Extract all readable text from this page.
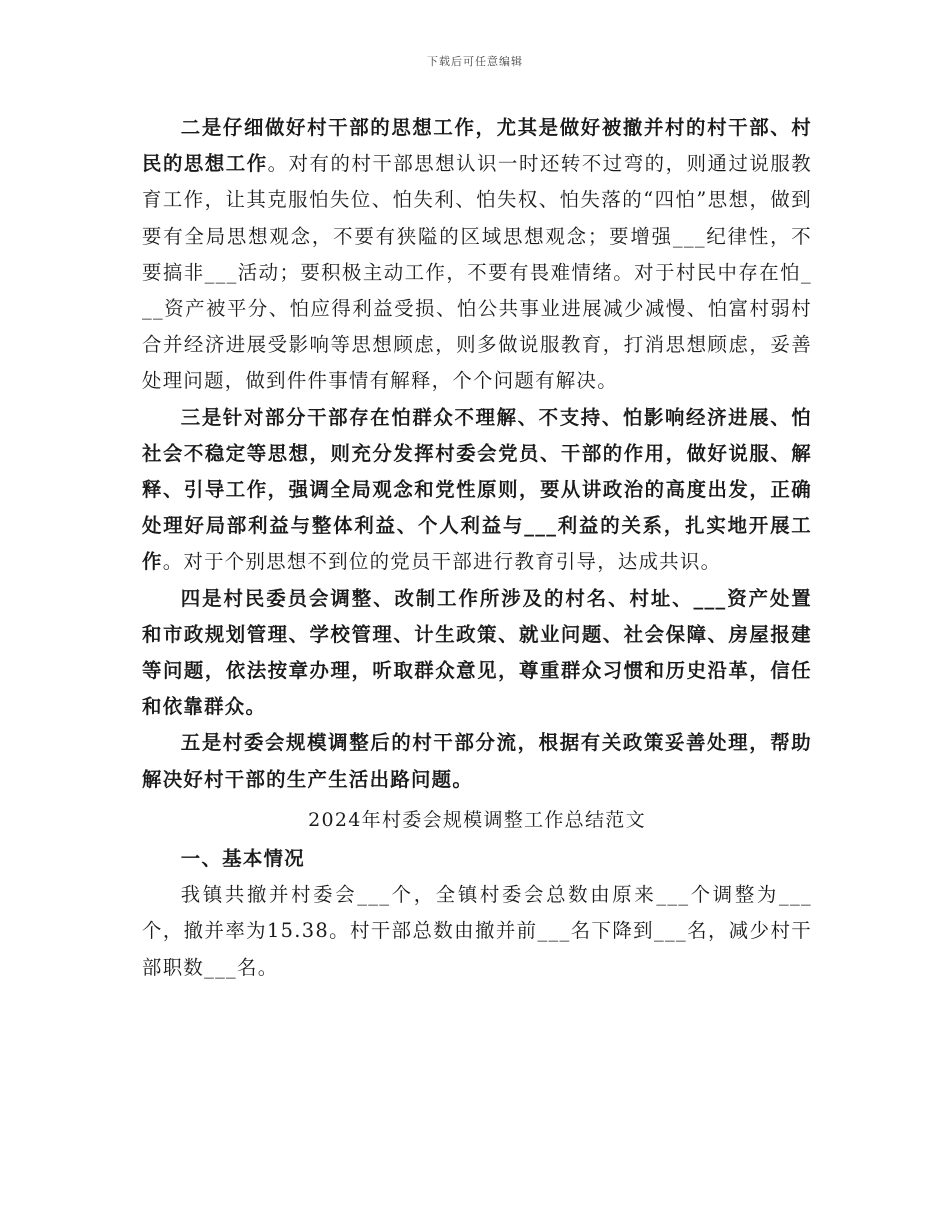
下载后可任意编辑

二是仔细做好村干部的思想工作，尤其是做好被撤并村的村干部、村民的思想工作。对有的村干部思想认识一时还转不过弯的，则通过说服教育工作，让其克服怕失位、怕失利、怕失权、怕失落的“四怕”思想，做到要有全局思想观念，不要有狭隘的区域思想观念；要增强___纪律性，不要搞非___活动；要积极主动工作，不要有畏难情绪。对于村民中存在怕___资产被平分、怕应得利益受损、怕公共事业进展减少减慢、怕富村弱村合并经济进展受影响等思想顾虑，则多做说服教育，打消思想顾虑，妥善处理问题，做到件件事情有解释，个个问题有解决。

三是针对部分干部存在怕群众不理解、不支持、怕影响经济进展、怕社会不稳定等思想，则充分发挥村委会党员、干部的作用，做好说服、解释、引导工作，强调全局观念和党性原则，要从讲政治的高度出发，正确处理好局部利益与整体利益、个人利益与___利益的关系，扎实地开展工作。对于个别思想不到位的党员干部进行教育引导，达成共识。

四是村民委员会调整、改制工作所涉及的村名、村址、___资产处置和市政规划管理、学校管理、计生政策、就业问题、社会保障、房屋报建等问题，依法按章办理，听取群众意见，尊重群众习惯和历史沿革，信任和依靠群众。

五是村委会规模调整后的村干部分流，根据有关政策妥善处理，帮助解决好村干部的生产生活出路问题。

2024年村委会规模调整工作总结范文

一、基本情况

我镇共撤并村委会___个，全镇村委会总数由原来___个调整为___个，撤并率为15.38。村干部总数由撤并前___名下降到___名，减少村干部职数___名。
